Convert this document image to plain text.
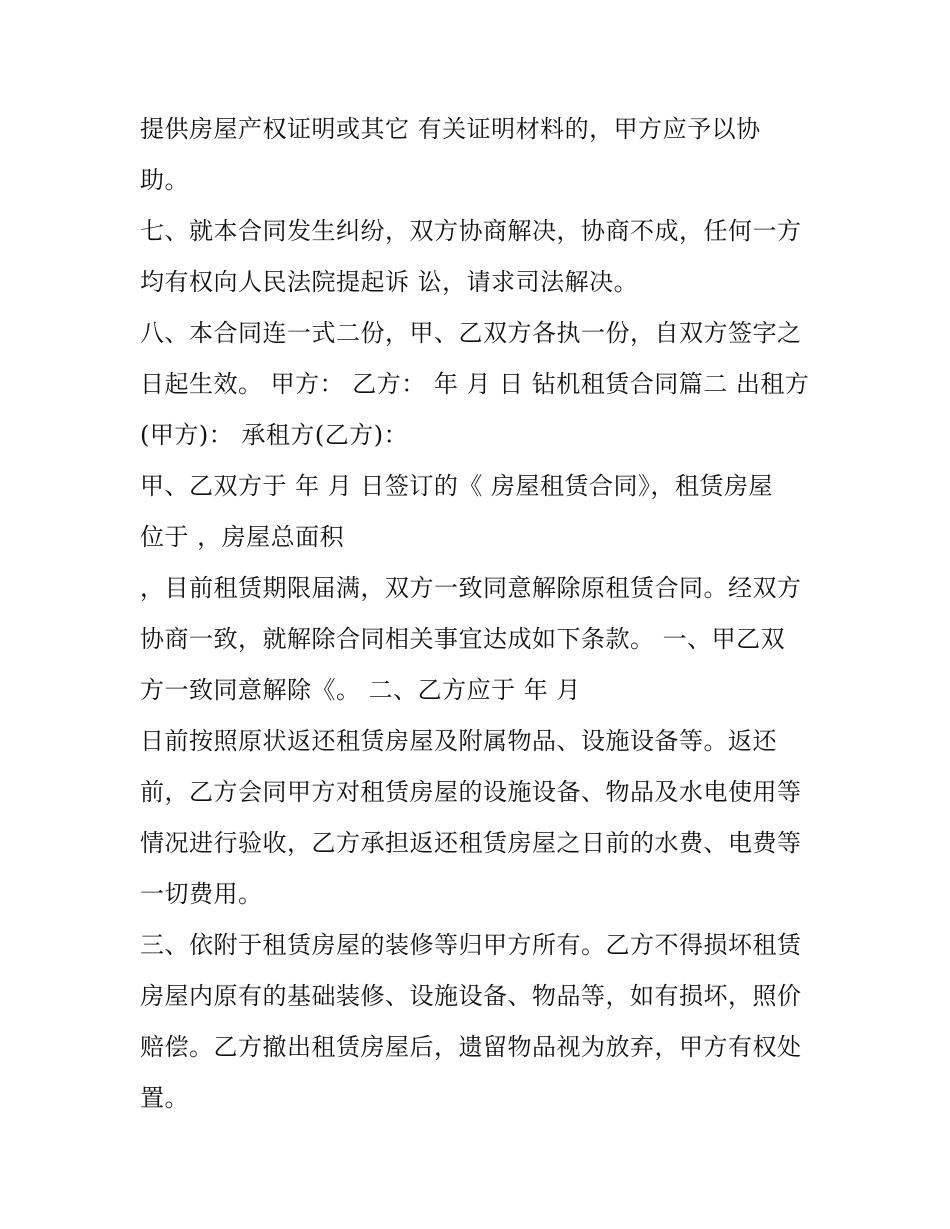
提供房屋产权证明或其它 有关证明材料的，甲方应予以协
助。
七、就本合同发生纠纷，双方协商解决，协商不成，任何一方
均有权向人民法院提起诉 讼，请求司法解决。
八、本合同连一式二份，甲、乙双方各执一份，自双方签字之
日起生效。 甲方： 乙方： 年 月 日 钻机租赁合同篇二 出租方
(甲方)： 承租方(乙方)：
甲、乙双方于 年 月 日签订的《 房屋租赁合同》，租赁房屋
位于 ，房屋总面积
，目前租赁期限届满，双方一致同意解除原租赁合同。经双方
协商一致，就解除合同相关事宜达成如下条款。 一、甲乙双
方一致同意解除《。 二、乙方应于 年 月
日前按照原状返还租赁房屋及附属物品、设施设备等。返还
前，乙方会同甲方对租赁房屋的设施设备、物品及水电使用等
情况进行验收，乙方承担返还租赁房屋之日前的水费、电费等
一切费用。
三、依附于租赁房屋的装修等归甲方所有。乙方不得损坏租赁
房屋内原有的基础装修、设施设备、物品等，如有损坏，照价
赔偿。乙方撤出租赁房屋后，遗留物品视为放弃，甲方有权处
置。
